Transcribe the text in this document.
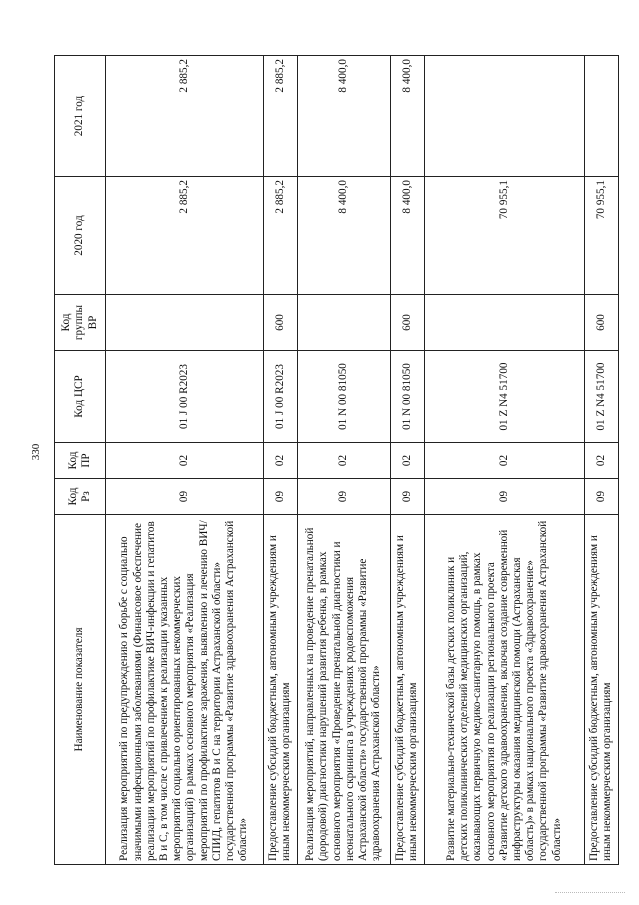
330
Наименование показателя	Код Рз	Код ПР	Код ЦСР	Код группы ВР	2020 год	2021 год
Реализация мероприятий по предупреждению и борьбе с социально значимыми инфекционными заболеваниями (Финансовое обеспечение реализации мероприятий по профилактике ВИЧ-инфекции и гепатитов В и С, в том числе с привлечением к реализации указанных мероприятий социально ориентированных некоммерческих организаций) в рамках основного мероприятия «Реализация мероприятий по профилактике заражения, выявлению и лечению ВИЧ/СПИД, гепатитов В и С на территории Астраханской области» государственной программы «Развитие здравоохранения Астраханской области»	09	02	01 J 00 R2023		2 885,2	2 885,2
Предоставление субсидий бюджетным, автономным учреждениям и иным некоммерческим организациям	09	02	01 J 00 R2023	600	2 885,2	2 885,2
Реализация мероприятий, направленных на проведение пренатальной (дородовой) диагностики нарушений развития ребенка, в рамках основного мероприятия «Проведение пренатальной диагностики и неонатального скрининга в учреждениях родовспоможения Астраханской области» государственной программы «Развитие здравоохранения Астраханской области»	09	02	01 N 00 81050		8 400,0	8 400,0
Предоставление субсидий бюджетным, автономным учреждениям и иным некоммерческим организациям	09	02	01 N 00 81050	600	8 400,0	8 400,0
Развитие материально-технической базы детских поликлиник и детских поликлинических отделений медицинских организаций, оказывающих первичную медико-санитарную помощь, в рамках основного мероприятия по реализации регионального проекта «Развитие детского здравоохранения, включая создание современной инфраструктуры оказания медицинской помощи (Астраханская область)» в рамках национального проекта «Здравоохранение» государственной программы «Развитие здравоохранения Астраханской области»	09	02	01 Z N4 51700		70 955,1	
Предоставление субсидий бюджетным, автономным учреждениям и иным некоммерческим организациям	09	02	01 Z N4 51700	600	70 955,1	
